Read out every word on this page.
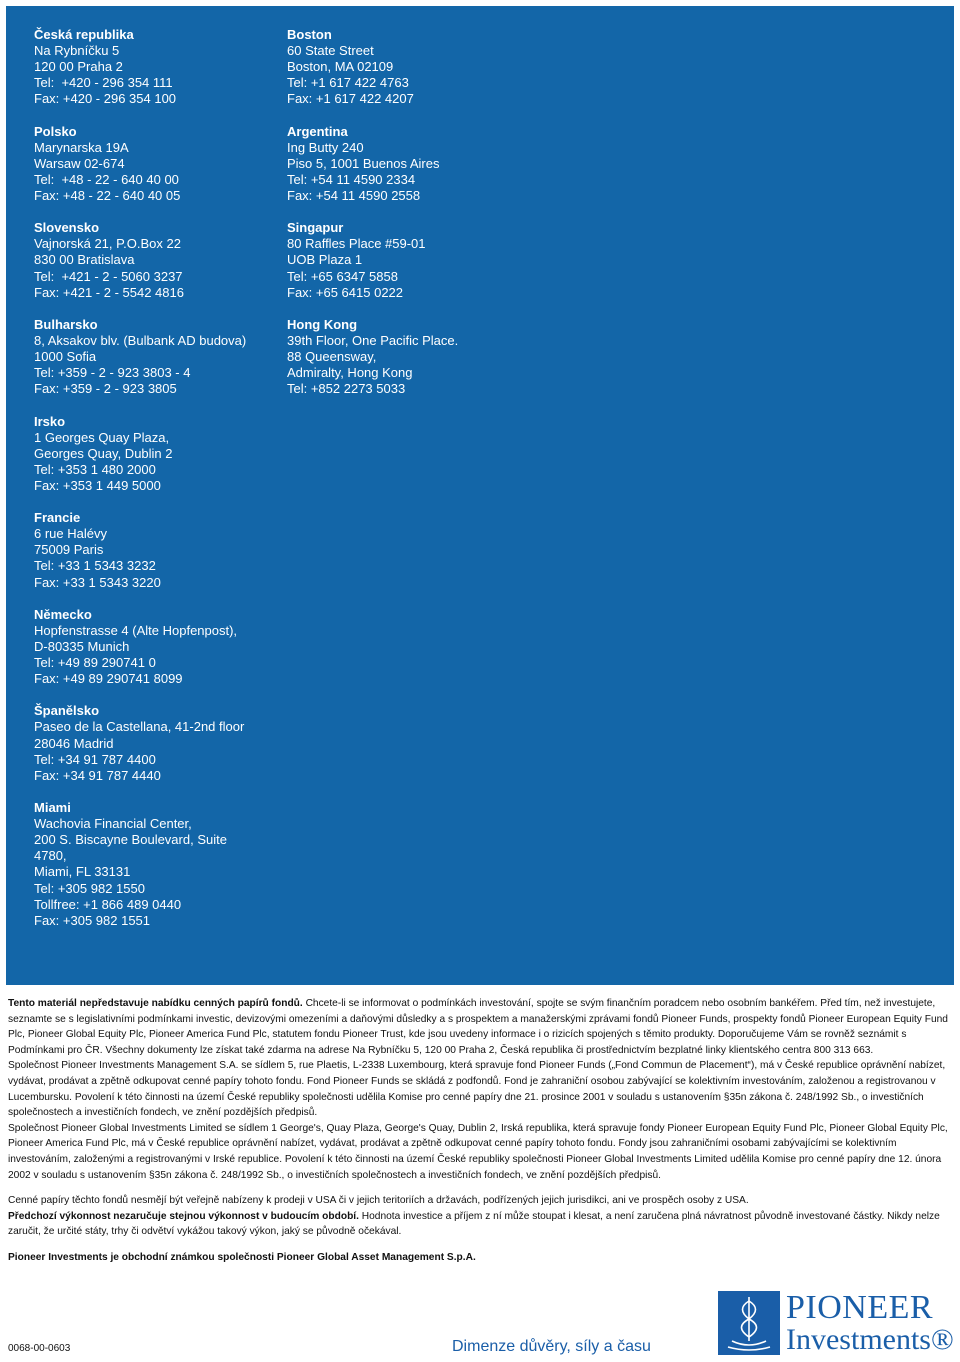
Česká republika
Na Rybníčku 5
120 00 Praha 2
Tel:  +420 - 296 354 111
Fax: +420 - 296 354 100
Polsko
Marynarska 19A
Warsaw 02-674
Tel:  +48 - 22 - 640 40 00
Fax: +48 - 22 - 640 40 05
Slovensko
Vajnorská 21, P.O.Box 22
830 00 Bratislava
Tel:  +421 - 2 - 5060 3237
Fax: +421 - 2 - 5542 4816
Bulharsko
8, Aksakov blv. (Bulbank AD budova)
1000 Sofia
Tel: +359 - 2 - 923 3803 - 4
Fax: +359 - 2 - 923 3805
Irsko
1 Georges Quay Plaza,
Georges Quay, Dublin 2
Tel: +353 1 480 2000
Fax: +353 1 449 5000
Francie
6 rue Halévy
75009 Paris
Tel: +33 1 5343 3232
Fax: +33 1 5343 3220
Německo
Hopfenstrasse 4 (Alte Hopfenpost),
D-80335 Munich
Tel: +49 89 290741 0
Fax: +49 89 290741 8099
Španělsko
Paseo de la Castellana, 41-2nd floor
28046 Madrid
Tel: +34 91 787 4400
Fax: +34 91 787 4440
Miami
Wachovia Financial Center,
200 S. Biscayne Boulevard, Suite
4780,
Miami, FL 33131
Tel: +305 982 1550
Tollfree: +1 866 489 0440
Fax: +305 982 1551
Boston
60 State Street
Boston, MA 02109
Tel: +1 617 422 4763
Fax: +1 617 422 4207
Argentina
Ing Butty 240
Piso 5, 1001 Buenos Aires
Tel: +54 11 4590 2334
Fax: +54 11 4590 2558
Singapur
80 Raffles Place #59-01
UOB Plaza 1
Tel: +65 6347 5858
Fax: +65 6415 0222
Hong Kong
39th Floor, One Pacific Place.
88 Queensway,
Admiralty, Hong Kong
Tel: +852 2273 5033

Tento materiál nepředstavuje nabídku cenných papírů fondů. Chcete-li se informovat o podmínkách investování, spojte se svým finančním poradcem nebo osobním bankéřem. Před tím, než investujete, seznamte se s legislativními podmínkami investic, devizovými omezeními a daňovými důsledky a s prospektem a manažerskými zprávami fondů Pioneer Funds, prospekty fondů Pioneer European Equity Fund Plc, Pioneer Global Equity Plc, Pioneer America Fund Plc, statutem fondu Pioneer Trust, kde jsou uvedeny informace i o rizicích spojených s těmito produkty. Doporučujeme Vám se rovněž seznámit s Podmínkami pro ČR. Všechny dokumenty lze získat také zdarma na adrese Na Rybníčku 5, 120 00 Praha 2, Česká republika či prostřednictvím bezplatné linky klientského centra 800 313 663.

Společnost Pioneer Investments Management S.A. se sídlem 5, rue Plaetis, L-2338 Luxembourg, která spravuje fond Pioneer Funds („Fond Commun de Placement“), má v České republice oprávnění nabízet, vydávat, prodávat a zpětně odkupovat cenné papíry tohoto fondu. Fond Pioneer Funds se skládá z podfondů. Fond je zahraniční osobou zabývající se kolektivním investováním, založenou a registrovanou v Lucembursku. Povolení k této činnosti na území České republiky společnosti udělila Komise pro cenné papíry dne 21. prosince 2001 v souladu s ustanovením §35n zákona č. 248/1992 Sb., o investičních společnostech a investičních fondech, ve znění pozdějších předpisů.

Společnost Pioneer Global Investments Limited se sídlem 1 George's, Quay Plaza, George's Quay, Dublin 2, Irská republika, která spravuje fondy Pioneer European Equity Fund Plc, Pioneer Global Equity Plc, Pioneer America Fund Plc, má v České republice oprávnění nabízet, vydávat, prodávat a zpětně odkupovat cenné papíry tohoto fondu. Fondy jsou zahraničními osobami zabývajícími se kolektivním investováním, založenými a registrovanými v Irské republice. Povolení k této činnosti na území České republiky společnosti Pioneer Global Investments Limited udělila Komise pro cenné papíry dne 12. února 2002 v souladu s ustanovením §35n zákona č. 248/1992 Sb., o investičních společnostech a investičních fondech, ve znění pozdějších předpisů.

Cenné papíry těchto fondů nesmějí být veřejně nabízeny k prodeji v USA či v jejich teritoriích a državách, podřízených jejich jurisdikci, ani ve prospěch osoby z USA.

Předchozí výkonnost nezaručuje stejnou výkonnost v budoucím období. Hodnota investice a příjem z ní může stoupat i klesat, a není zaručena plná návratnost původně investované částky. Nikdy nelze zaručit, že určité státy, trhy či odvětví vykážou takový výkon, jaký se původně očekával.

Pioneer Investments je obchodní známkou společnosti Pioneer Global Asset Management S.p.A.

0068-00-0603	Dimenze důvěry, síly a času
PIONEER
Investments®
